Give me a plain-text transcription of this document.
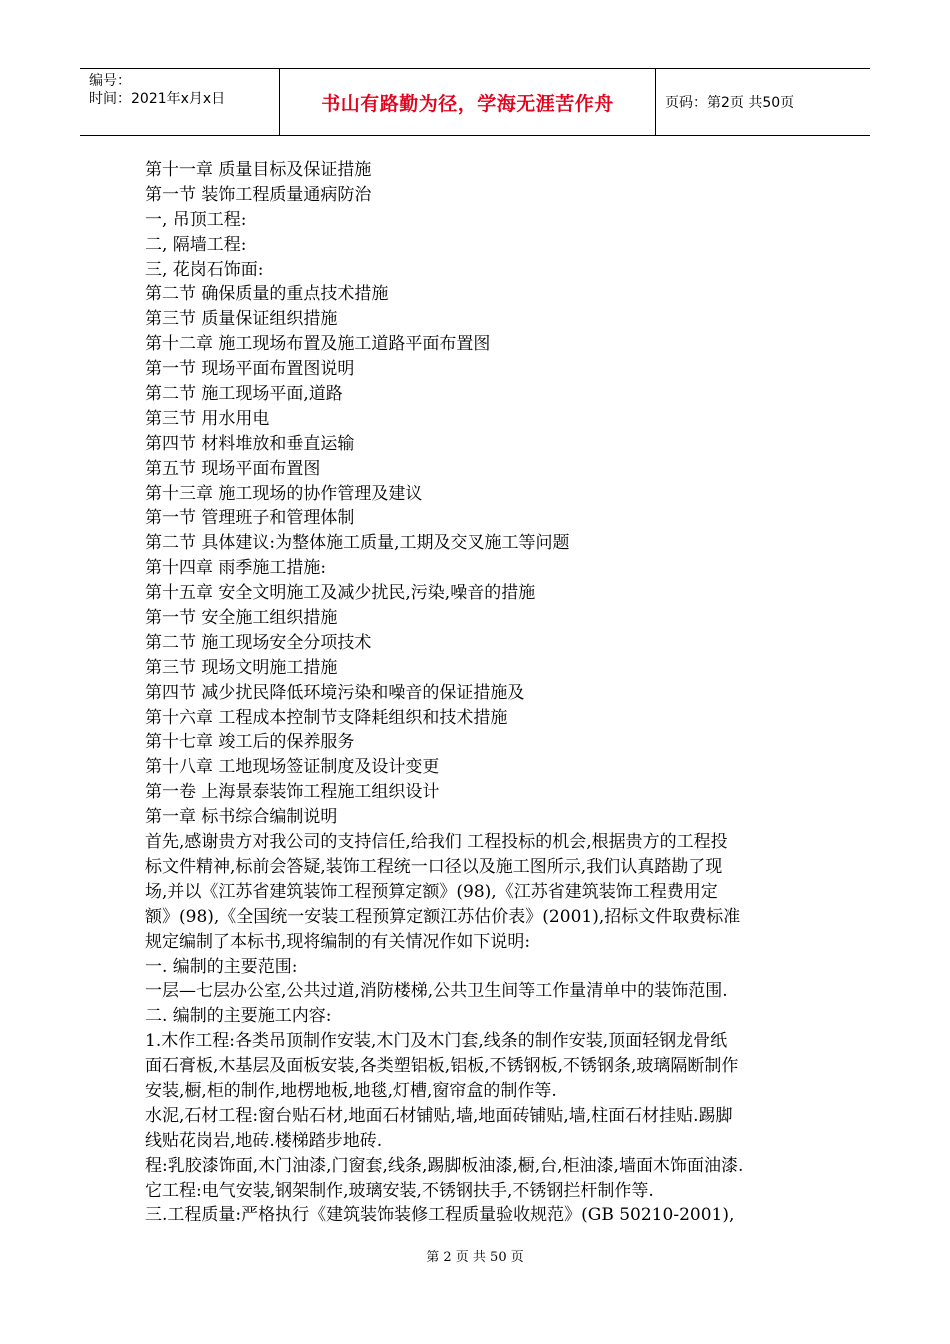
编号：
时间：2021年x月x日	书山有路勤为径，学海无涯苦作舟	页码：第2页 共50页
第十一章 质量目标及保证措施
第一节 装饰工程质量通病防治
一, 吊顶工程:
二, 隔墙工程:
三, 花岗石饰面:
第二节 确保质量的重点技术措施
第三节 质量保证组织措施
第十二章 施工现场布置及施工道路平面布置图
第一节 现场平面布置图说明
第二节 施工现场平面,道路
第三节 用水用电
第四节 材料堆放和垂直运输
第五节 现场平面布置图
第十三章 施工现场的协作管理及建议
第一节 管理班子和管理体制
第二节 具体建议:为整体施工质量,工期及交叉施工等问题
第十四章 雨季施工措施:
第十五章 安全文明施工及减少扰民,污染,噪音的措施
第一节 安全施工组织措施
第二节 施工现场安全分项技术
第三节 现场文明施工措施
第四节 减少扰民降低环境污染和噪音的保证措施及
第十六章 工程成本控制节支降耗组织和技术措施
第十七章 竣工后的保养服务
第十八章 工地现场签证制度及设计变更
第一卷 上海景泰装饰工程施工组织设计
第一章 标书综合编制说明
首先,感谢贵方对我公司的支持信任,给我们 工程投标的机会,根据贵方的工程投
标文件精神,标前会答疑,装饰工程统一口径以及施工图所示,我们认真踏勘了现
场,并以《江苏省建筑装饰工程预算定额》(98),《江苏省建筑装饰工程费用定
额》(98),《全国统一安装工程预算定额江苏估价表》(2001),招标文件取费标准
规定编制了本标书,现将编制的有关情况作如下说明:
一. 编制的主要范围:
一层—七层办公室,公共过道,消防楼梯,公共卫生间等工作量清单中的装饰范围.
二. 编制的主要施工内容:
1.木作工程:各类吊顶制作安装,木门及木门套,线条的制作安装,顶面轻钢龙骨纸
面石膏板,木基层及面板安装,各类塑铝板,铝板,不锈钢板,不锈钢条,玻璃隔断制作
安装,橱,柜的制作,地楞地板,地毯,灯槽,窗帘盒的制作等.
水泥,石材工程:窗台贴石材,地面石材铺贴,墙,地面砖铺贴,墙,柱面石材挂贴.踢脚
线贴花岗岩,地砖.楼梯踏步地砖.
程:乳胶漆饰面,木门油漆,门窗套,线条,踢脚板油漆,橱,台,柜油漆,墙面木饰面油漆.
它工程:电气安装,钢架制作,玻璃安装,不锈钢扶手,不锈钢拦杆制作等.
三.工程质量:严格执行《建筑装饰装修工程质量验收规范》(GB 50210-2001),
第 2 页 共 50 页
